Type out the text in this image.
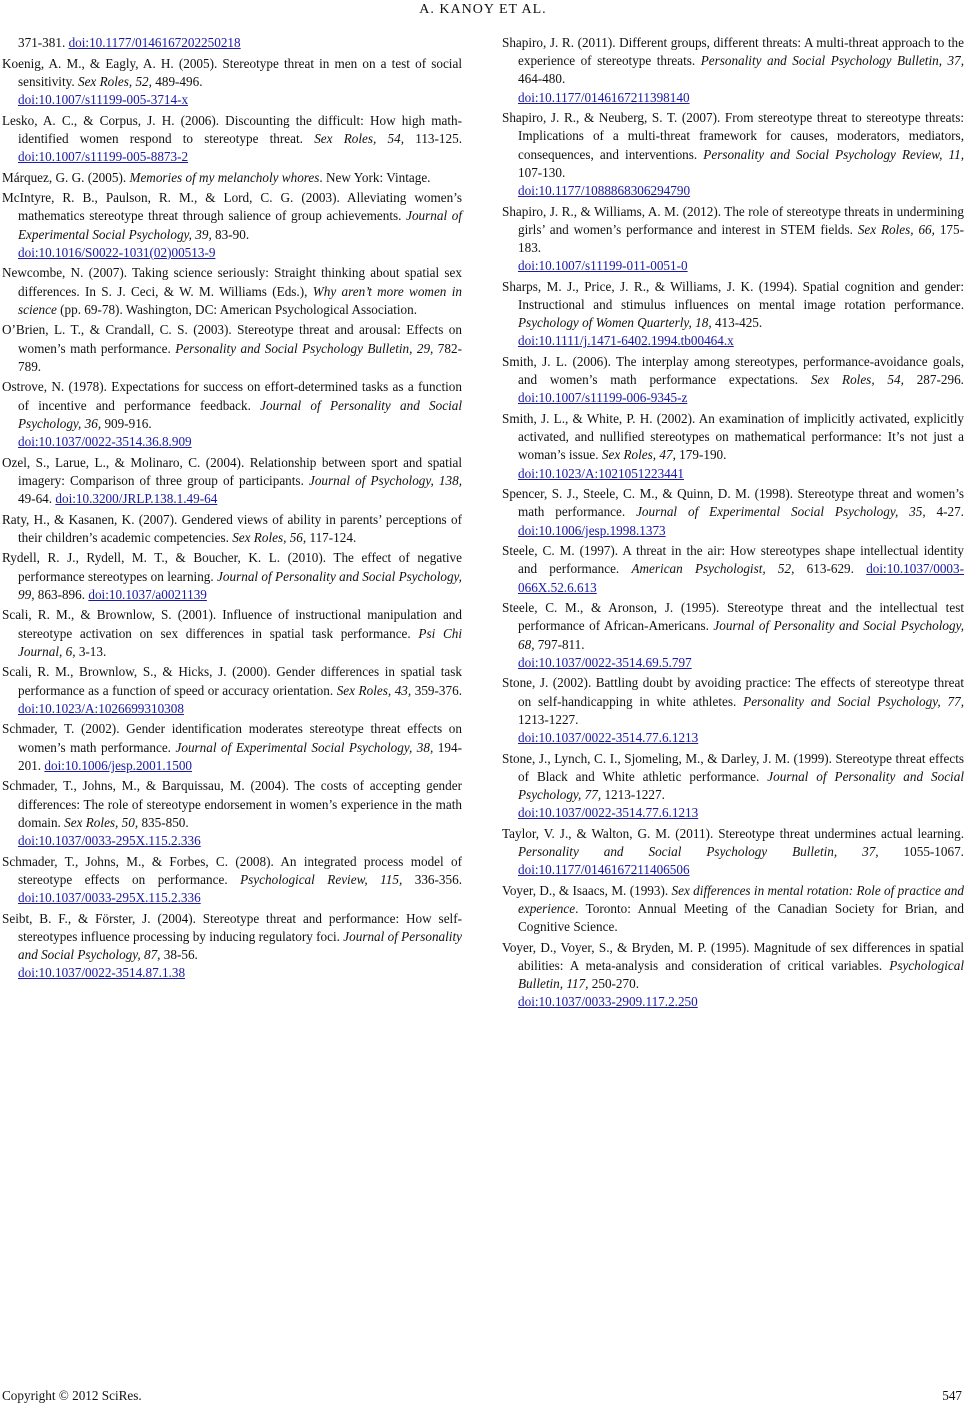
A. KANOY ET AL.

371-381. doi:10.1177/0146167202250218

Koenig, A. M., & Eagly, A. H. (2005). Stereotype threat in men on a test of social sensitivity. Sex Roles, 52, 489-496.
doi:10.1007/s11199-005-3714-x

Lesko, A. C., & Corpus, J. H. (2006). Discounting the difficult: How high math-identified women respond to stereotype threat. Sex Roles, 54, 113-125. doi:10.1007/s11199-005-8873-2

Márquez, G. G. (2005). Memories of my melancholy whores. New York: Vintage.

McIntyre, R. B., Paulson, R. M., & Lord, C. G. (2003). Alleviating women’s mathematics stereotype threat through salience of group achievements. Journal of Experimental Social Psychology, 39, 83-90.
doi:10.1016/S0022-1031(02)00513-9

Newcombe, N. (2007). Taking science seriously: Straight thinking about spatial sex differences. In S. J. Ceci, & W. M. Williams (Eds.), Why aren’t more women in science (pp. 69-78). Washington, DC: American Psychological Association.

O’Brien, L. T., & Crandall, C. S. (2003). Stereotype threat and arousal: Effects on women’s math performance. Personality and Social Psychology Bulletin, 29, 782-789.

Ostrove, N. (1978). Expectations for success on effort-determined tasks as a function of incentive and performance feedback. Journal of Personality and Social Psychology, 36, 909-916.
doi:10.1037/0022-3514.36.8.909

Ozel, S., Larue, L., & Molinaro, C. (2004). Relationship between sport and spatial imagery: Comparison of three group of participants. Journal of Psychology, 138, 49-64. doi:10.3200/JRLP.138.1.49-64

Raty, H., & Kasanen, K. (2007). Gendered views of ability in parents’ perceptions of their children’s academic competencies. Sex Roles, 56, 117-124.

Rydell, R. J., Rydell, M. T., & Boucher, K. L. (2010). The effect of negative performance stereotypes on learning. Journal of Personality and Social Psychology, 99, 863-896. doi:10.1037/a0021139

Scali, R. M., & Brownlow, S. (2001). Influence of instructional manipulation and stereotype activation on sex differences in spatial task performance. Psi Chi Journal, 6, 3-13.

Scali, R. M., Brownlow, S., & Hicks, J. (2000). Gender differences in spatial task performance as a function of speed or accuracy orientation. Sex Roles, 43, 359-376. doi:10.1023/A:1026699310308

Schmader, T. (2002). Gender identification moderates stereotype threat effects on women’s math performance. Journal of Experimental Social Psychology, 38, 194-201. doi:10.1006/jesp.2001.1500

Schmader, T., Johns, M., & Barquissau, M. (2004). The costs of accepting gender differences: The role of stereotype endorsement in women’s experience in the math domain. Sex Roles, 50, 835-850.
doi:10.1037/0033-295X.115.2.336

Schmader, T., Johns, M., & Forbes, C. (2008). An integrated process model of stereotype effects on performance. Psychological Review, 115, 336-356. doi:10.1037/0033-295X.115.2.336

Seibt, B. F., & Förster, J. (2004). Stereotype threat and performance: How self-stereotypes influence processing by inducing regulatory foci. Journal of Personality and Social Psychology, 87, 38-56.
doi:10.1037/0022-3514.87.1.38

Shapiro, J. R. (2011). Different groups, different threats: A multi-threat approach to the experience of stereotype threats. Personality and Social Psychology Bulletin, 37, 464-480.
doi:10.1177/0146167211398140

Shapiro, J. R., & Neuberg, S. T. (2007). From stereotype threat to stereotype threats: Implications of a multi-threat framework for causes, moderators, mediators, consequences, and interventions. Personality and Social Psychology Review, 11, 107-130.
doi:10.1177/1088868306294790

Shapiro, J. R., & Williams, A. M. (2012). The role of stereotype threats in undermining girls’ and women’s performance and interest in STEM fields. Sex Roles, 66, 175-183.
doi:10.1007/s11199-011-0051-0

Sharps, M. J., Price, J. R., & Williams, J. K. (1994). Spatial cognition and gender: Instructional and stimulus influences on mental image rotation performance. Psychology of Women Quarterly, 18, 413-425.
doi:10.1111/j.1471-6402.1994.tb00464.x

Smith, J. L. (2006). The interplay among stereotypes, performance-avoidance goals, and women’s math performance expectations. Sex Roles, 54, 287-296. doi:10.1007/s11199-006-9345-z

Smith, J. L., & White, P. H. (2002). An examination of implicitly activated, explicitly activated, and nullified stereotypes on mathematical performance: It’s not just a woman’s issue. Sex Roles, 47, 179-190.
doi:10.1023/A:1021051223441

Spencer, S. J., Steele, C. M., & Quinn, D. M. (1998). Stereotype threat and women’s math performance. Journal of Experimental Social Psychology, 35, 4-27. doi:10.1006/jesp.1998.1373

Steele, C. M. (1997). A threat in the air: How stereotypes shape intellectual identity and performance. American Psychologist, 52, 613-629. doi:10.1037/0003-066X.52.6.613

Steele, C. M., & Aronson, J. (1995). Stereotype threat and the intellectual test performance of African-Americans. Journal of Personality and Social Psychology, 68, 797-811.
doi:10.1037/0022-3514.69.5.797

Stone, J. (2002). Battling doubt by avoiding practice: The effects of stereotype threat on self-handicapping in white athletes. Personality and Social Psychology, 77, 1213-1227.
doi:10.1037/0022-3514.77.6.1213

Stone, J., Lynch, C. I., Sjomeling, M., & Darley, J. M. (1999). Stereotype threat effects of Black and White athletic performance. Journal of Personality and Social Psychology, 77, 1213-1227.
doi:10.1037/0022-3514.77.6.1213

Taylor, V. J., & Walton, G. M. (2011). Stereotype threat undermines actual learning. Personality and Social Psychology Bulletin, 37, 1055-1067. doi:10.1177/0146167211406506

Voyer, D., & Isaacs, M. (1993). Sex differences in mental rotation: Role of practice and experience. Toronto: Annual Meeting of the Canadian Society for Brian, and Cognitive Science.

Voyer, D., Voyer, S., & Bryden, M. P. (1995). Magnitude of sex differences in spatial abilities: A meta-analysis and consideration of critical variables. Psychological Bulletin, 117, 250-270.
doi:10.1037/0033-2909.117.2.250

Copyright © 2012 SciRes.	547
